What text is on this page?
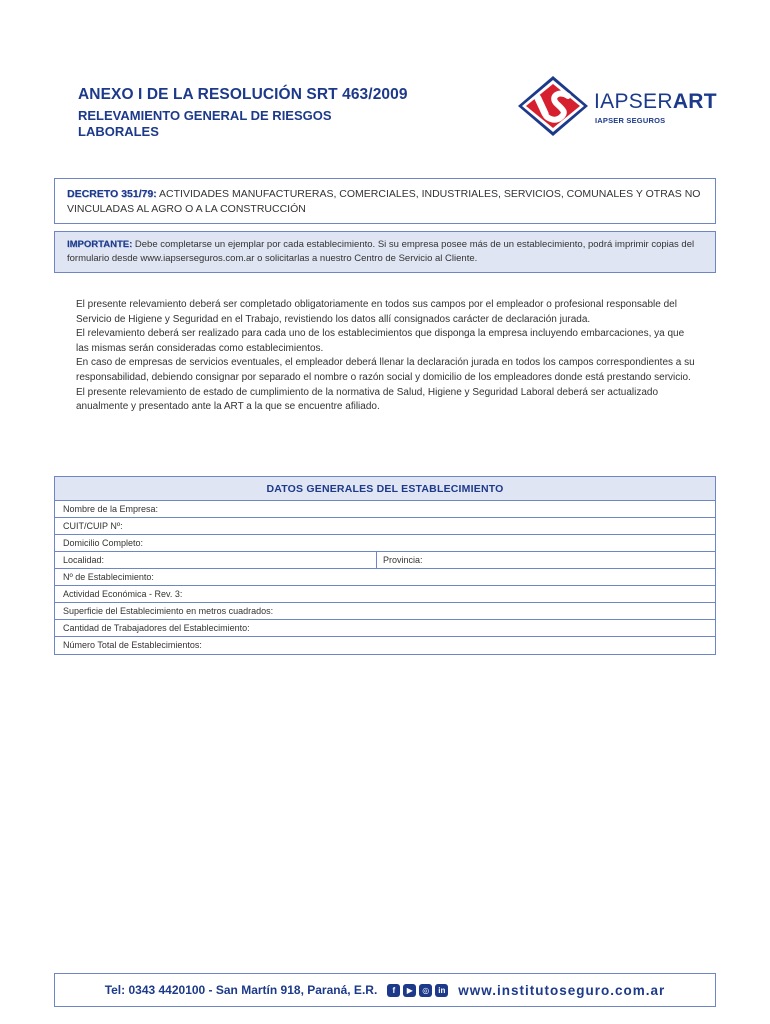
ANEXO I DE LA RESOLUCIÓN SRT 463/2009
RELEVAMIENTO GENERAL DE RIESGOS LABORALES
IAPSERART
IAPSER SEGUROS
DECRETO 351/79: ACTIVIDADES MANUFACTURERAS, COMERCIALES, INDUSTRIALES, SERVICIOS, COMUNALES Y OTRAS NO VINCULADAS AL AGRO O A LA CONSTRUCCIÓN
IMPORTANTE: Debe completarse un ejemplar por cada establecimiento. Si su empresa posee más de un establecimiento, podrá imprimir copias del formulario desde www.iapserseguros.com.ar o solicitarlas a nuestro Centro de Servicio al Cliente.

El presente relevamiento deberá ser completado obligatoriamente en todos sus campos por el empleador o profesional responsable del Servicio de Higiene y Seguridad en el Trabajo, revistiendo los datos allí consignados carácter de declaración jurada.

El relevamiento deberá ser realizado para cada uno de los establecimientos que disponga la empresa incluyendo embarcaciones, ya que las mismas serán consideradas como establecimientos.

En caso de empresas de servicios eventuales, el empleador deberá llenar la declaración jurada en todos los campos correspondientes a su responsabilidad, debiendo consignar por separado el nombre o razón social y domicilio de los empleadores donde está prestando servicio.

El presente relevamiento de estado de cumplimiento de la normativa de Salud, Higiene y Seguridad Laboral deberá ser actualizado anualmente y presentado ante la ART a la que se encuentre afiliado.

DATOS GENERALES DEL ESTABLECIMIENTO
Nombre de la Empresa:
CUIT/CUIP Nº:
Domicilio Completo:
Localidad:	Provincia:
Nº de Establecimiento:
Actividad Económica - Rev. 3:
Superficie del Establecimiento en metros cuadrados:
Cantidad de Trabajadores del Establecimiento:
Número Total de Establecimientos:
Tel: 0343 4420100 - San Martín 918, Paraná, E.R.	f	▶	◎	in www.institutoseguro.com.ar
